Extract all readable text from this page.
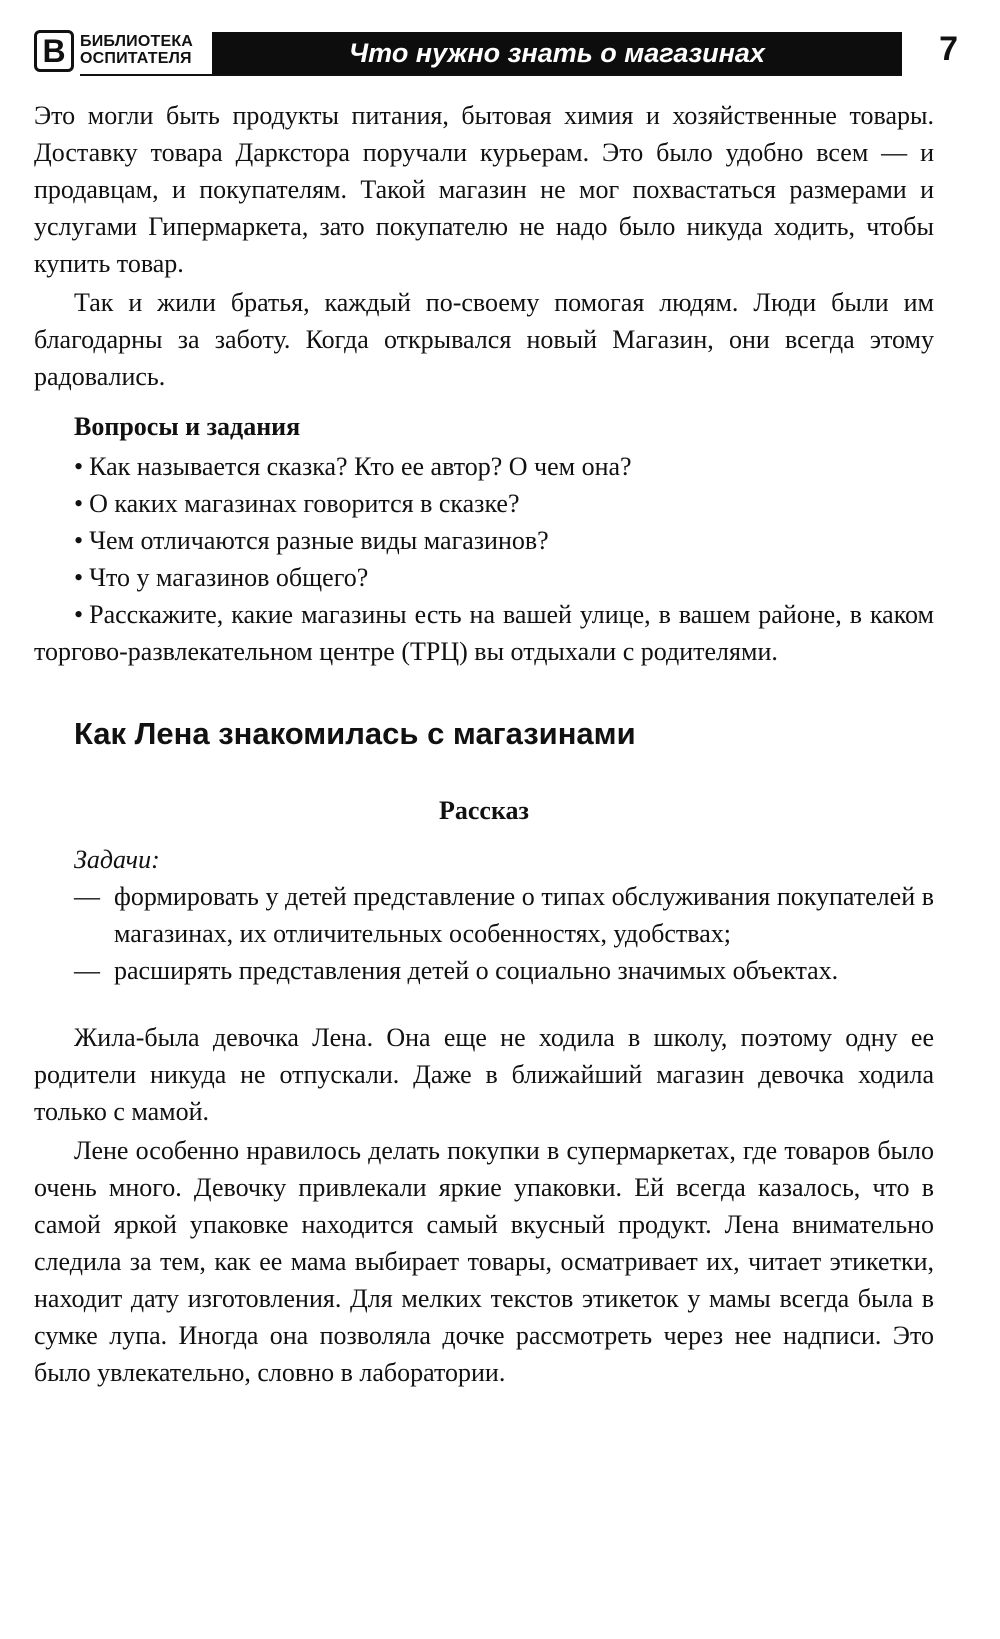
В БИБЛИОТЕКА
ОСПИТАТЕЛЯ	Что нужно знать о магазинах	7

Это могли быть продукты питания, бытовая химия и хозяйственные товары. Доставку товара Даркстора поручали курьерам. Это было удобно всем — и продавцам, и покупателям. Такой магазин не мог похвастаться размерами и услугами Гипермаркета, зато покупателю не надо было никуда ходить, чтобы купить товар.

Так и жили братья, каждый по-своему помогая людям. Люди были им благодарны за заботу. Когда открывался новый Магазин, они всегда этому радовались.

Вопросы и задания
• Как называется сказка? Кто ее автор? О чем она?
• О каких магазинах говорится в сказке?
• Чем отличаются разные виды магазинов?
• Что у магазинов общего?
• Расскажите, какие магазины есть на вашей улице, в вашем районе, в каком торгово-развлекательном центре (ТРЦ) вы отдыхали с родителями.
Как Лена знакомилась с магазинами
Рассказ
Задачи:
— формировать у детей представление о типах обслуживания покупателей в магазинах, их отличительных особенностях, удобствах;
— расширять представления детей о социально значимых объектах.

Жила-была девочка Лена. Она еще не ходила в школу, поэтому одну ее родители никуда не отпускали. Даже в ближайший магазин девочка ходила только с мамой.

Лене особенно нравилось делать покупки в супермаркетах, где товаров было очень много. Девочку привлекали яркие упаковки. Ей всегда казалось, что в самой яркой упаковке находится самый вкусный продукт. Лена внимательно следила за тем, как ее мама выбирает товары, осматривает их, читает этикетки, находит дату изготовления. Для мелких текстов этикеток у мамы всегда была в сумке лупа. Иногда она позволяла дочке рассмотреть через нее надписи. Это было увлекательно, словно в лаборатории.
